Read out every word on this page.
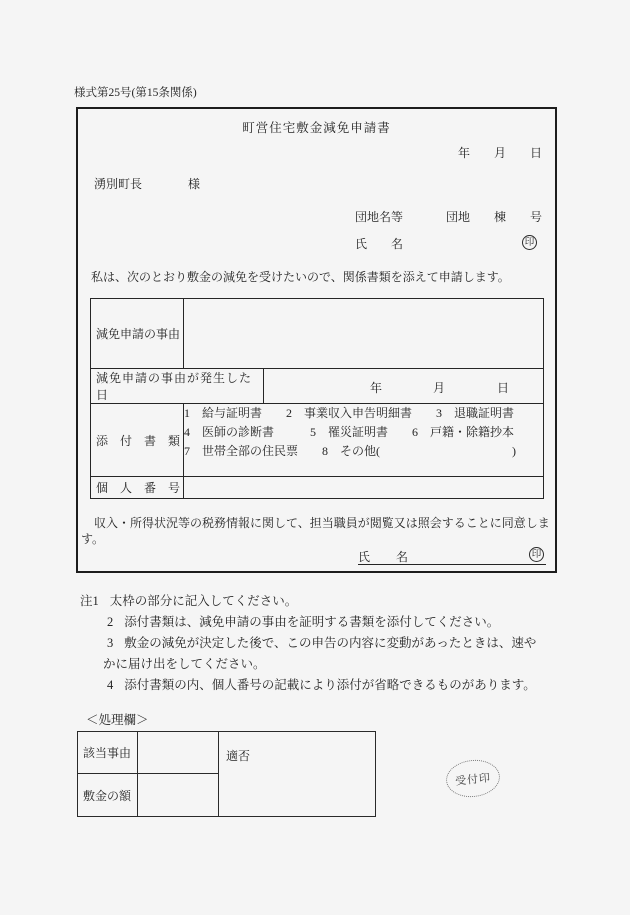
様式第25号(第15条関係)
町営住宅敷金減免申請書
年 月 日
湧別町長	様
団地名等	団地 棟 号
氏 名	印
私は、次のとおり敷金の減免を受けたいので、関係書類を添えて申請します。
減免申請の事由		
減免申請の事由が発生した日		年 月 日

添　付　書　類	1　給与証明書　　2　事業収入申告明細書　　3　退職証明書
4　医師の診断書　　　5　罹災証明書　　6　戸籍・除籍抄本
7　世帯全部の住民票　　8　その他(　　　　　　　　　　　)	

個　人　番　号		
収入・所得状況等の税務情報に関して、担当職員が閲覧又は照会することに同意します。
氏 名	印
注1 太枠の部分に記入してください。
2 添付書類は、減免申請の事由を証明する書類を添付してください。
3 敷金の減免が決定した後で、この申告の内容に変動があったときは、速やかに届け出をしてください。
4 添付書類の内、個人番号の記載により添付が省略できるものがあります。
＜処理欄＞
該当事由		適否
敷金の額		
受付印
